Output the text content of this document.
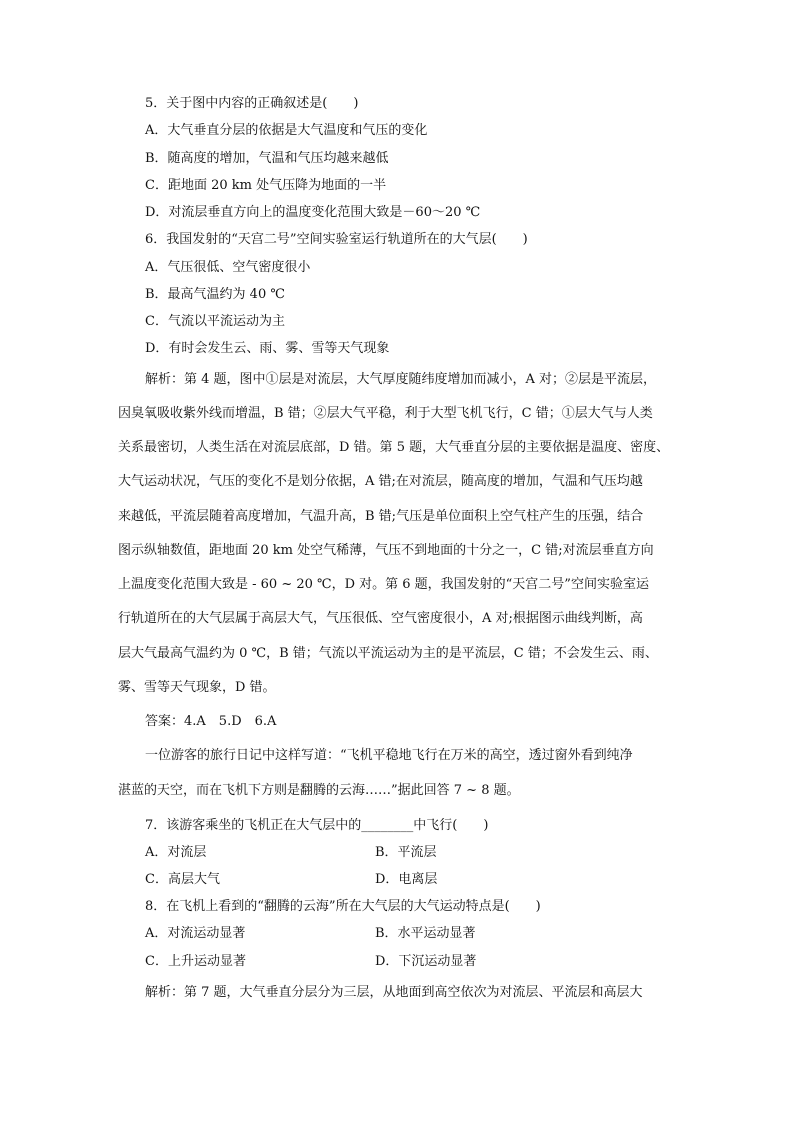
5．关于图中内容的正确叙述是(　　)
A．大气垂直分层的依据是大气温度和气压的变化
B．随高度的增加，气温和气压均越来越低
C．距地面 20 km 处气压降为地面的一半
D．对流层垂直方向上的温度变化范围大致是－60～20 ℃
6．我国发射的“天宫二号”空间实验室运行轨道所在的大气层(　　)
A．气压很低、空气密度很小
B．最高气温约为 40 ℃
C．气流以平流运动为主
D．有时会发生云、雨、雾、雪等天气现象
解析：第 4 题，图中①层是对流层，大气厚度随纬度增加而减小，A 对；②层是平流层，
因臭氧吸收紫外线而增温，B 错；②层大气平稳，利于大型飞机飞行，C 错；①层大气与人类
关系最密切，人类生活在对流层底部，D 错。第 5 题，大气垂直分层的主要依据是温度、密度、
大气运动状况，气压的变化不是划分依据，A 错;在对流层，随高度的增加，气温和气压均越
来越低，平流层随着高度增加，气温升高，B 错;气压是单位面积上空气柱产生的压强，结合
图示纵轴数值，距地面 20 km 处空气稀薄，气压不到地面的十分之一，C 错;对流层垂直方向
上温度变化范围大致是 - 60 ~ 20 ℃，D 对。第 6 题，我国发射的“天宫二号”空间实验室运
行轨道所在的大气层属于高层大气，气压很低、空气密度很小，A 对;根据图示曲线判断，高
层大气最高气温约为 0 ℃，B 错；气流以平流运动为主的是平流层，C 错；不会发生云、雨、
雾、雪等天气现象，D 错。
答案：4.A　5.D　6.A
一位游客的旅行日记中这样写道：“飞机平稳地飞行在万米的高空，透过窗外看到纯净
湛蓝的天空，而在飞机下方则是翻腾的云海……”据此回答 7 ~ 8 题。
7．该游客乘坐的飞机正在大气层中的________中飞行(　　)
A．对流层	B．平流层
C．高层大气	D．电离层
8．在飞机上看到的“翻腾的云海”所在大气层的大气运动特点是(　　)
A．对流运动显著	B．水平运动显著
C．上升运动显著	D．下沉运动显著
解析：第 7 题，大气垂直分层分为三层，从地面到高空依次为对流层、平流层和高层大
